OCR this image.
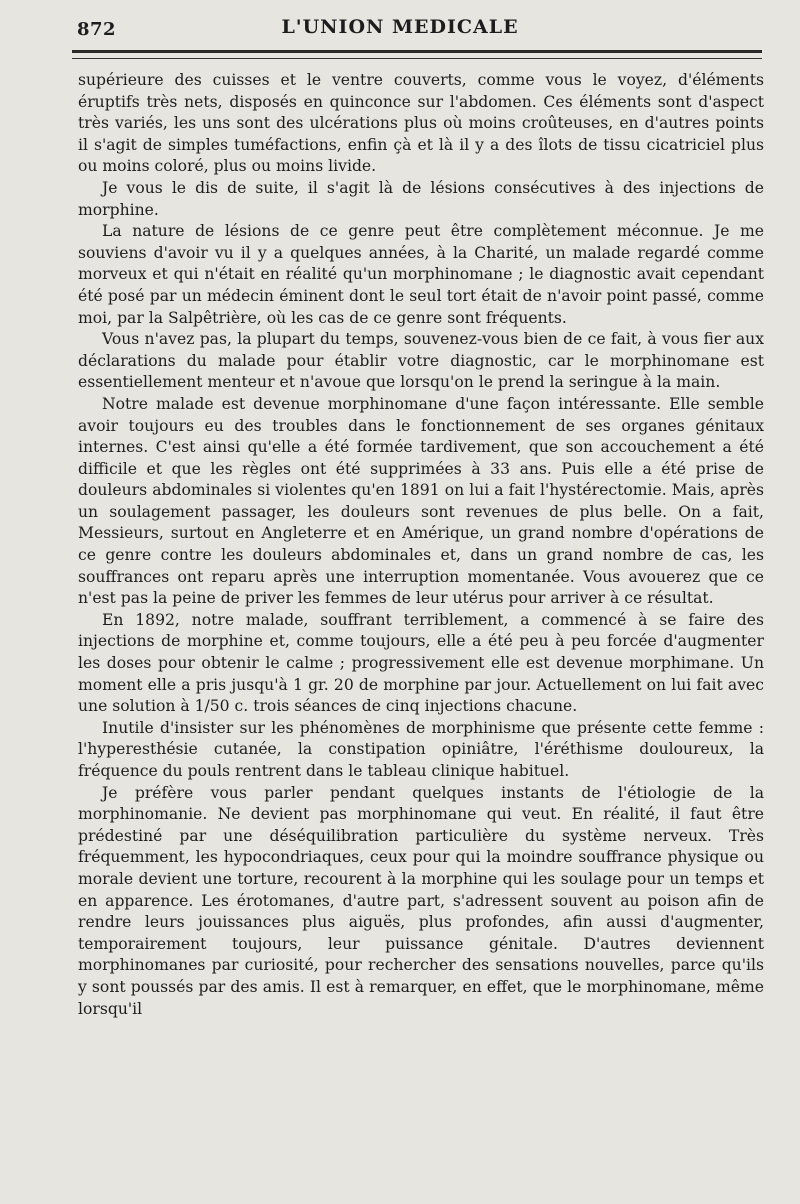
872	L'UNION MEDICALE

supérieure des cuisses et le ventre couverts, comme vous le voyez, d'éléments éruptifs très nets, disposés en quinconce sur l'abdomen. Ces éléments sont d'aspect très variés, les uns sont des ulcérations plus où moins croûteuses, en d'autres points il s'agit de simples tuméfactions, enfin çà et là il y a des îlots de tissu cicatriciel plus ou moins coloré, plus ou moins livide.

Je vous le dis de suite, il s'agit là de lésions consécutives à des injections de morphine.

La nature de lésions de ce genre peut être complètement méconnue. Je me souviens d'avoir vu il y a quelques années, à la Charité, un malade regardé comme morveux et qui n'était en réalité qu'un morphinomane ; le diagnostic avait cependant été posé par un médecin éminent dont le seul tort était de n'avoir point passé, comme moi, par la Salpêtrière, où les cas de ce genre sont fréquents.

Vous n'avez pas, la plupart du temps, souvenez-vous bien de ce fait, à vous fier aux déclarations du malade pour établir votre diagnostic, car le morphinomane est essentiellement menteur et n'avoue que lorsqu'on le prend la seringue à la main.

Notre malade est devenue morphinomane d'une façon intéressante. Elle semble avoir toujours eu des troubles dans le fonctionnement de ses organes génitaux internes. C'est ainsi qu'elle a été formée tardivement, que son accouchement a été difficile et que les règles ont été supprimées à 33 ans. Puis elle a été prise de douleurs abdominales si violentes qu'en 1891 on lui a fait l'hystérectomie. Mais, après un soulagement passager, les douleurs sont revenues de plus belle. On a fait, Messieurs, surtout en Angleterre et en Amérique, un grand nombre d'opérations de ce genre contre les douleurs abdominales et, dans un grand nombre de cas, les souffrances ont reparu après une interruption momentanée. Vous avouerez que ce n'est pas la peine de priver les femmes de leur utérus pour arriver à ce résultat.

En 1892, notre malade, souffrant terriblement, a commencé à se faire des injections de morphine et, comme toujours, elle a été peu à peu forcée d'augmenter les doses pour obtenir le calme ; progressivement elle est devenue morphimane. Un moment elle a pris jusqu'à 1 gr. 20 de morphine par jour. Actuellement on lui fait avec une solution à 1/50 c. trois séances de cinq injections chacune.

Inutile d'insister sur les phénomènes de morphinisme que présente cette femme : l'hyperesthésie cutanée, la constipation opiniâtre, l'éréthisme douloureux, la fréquence du pouls rentrent dans le tableau clinique habituel.

Je préfère vous parler pendant quelques instants de l'étiologie de la morphinomanie. Ne devient pas morphinomane qui veut. En réalité, il faut être prédestiné par une déséquilibration particulière du système nerveux. Très fréquemment, les hypocondriaques, ceux pour qui la moindre souffrance physique ou morale devient une torture, recourent à la morphine qui les soulage pour un temps et en apparence. Les érotomanes, d'autre part, s'adressent souvent au poison afin de rendre leurs jouissances plus aiguës, plus profondes, afin aussi d'augmenter, temporairement toujours, leur puissance génitale. D'autres deviennent morphinomanes par curiosité, pour rechercher des sensations nouvelles, parce qu'ils y sont poussés par des amis. Il est à remarquer, en effet, que le morphinomane, même lorsqu'il
